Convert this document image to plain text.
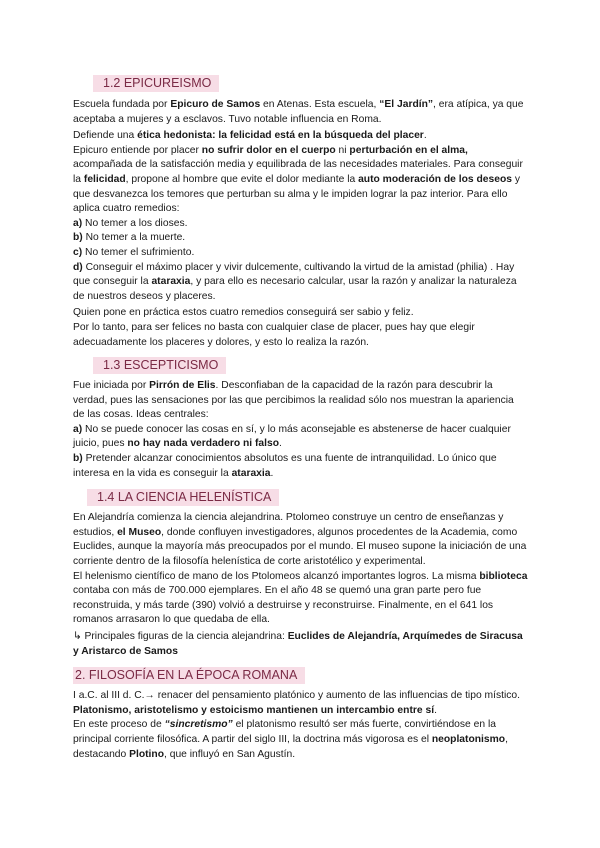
1.2 EPICUREISMO

Escuela fundada por Epicuro de Samos en Atenas. Esta escuela, “El Jardín”, era atípica, ya que aceptaba a mujeres y a esclavos. Tuvo notable influencia en Roma.

Defiende una ética hedonista: la felicidad está en la búsqueda del placer.

Epicuro entiende por placer no sufrir dolor en el cuerpo ni perturbación en el alma, acompañada de la satisfacción media y equilibrada de las necesidades materiales. Para conseguir la felicidad, propone al hombre que evite el dolor mediante la auto moderación de los deseos y que desvanezca los temores que perturban su alma y le impiden lograr la paz interior. Para ello aplica cuatro remedios:

a) No temer a los dioses.

b) No temer a la muerte.

c) No temer el sufrimiento.

d) Conseguir el máximo placer y vivir dulcemente, cultivando la virtud de la amistad (philia) . Hay que conseguir la ataraxia, y para ello es necesario calcular, usar la razón y analizar la naturaleza de nuestros deseos y placeres.

Quien pone en práctica estos cuatro remedios conseguirá ser sabio y feliz.

Por lo tanto, para ser felices no basta con cualquier clase de placer, pues hay que elegir adecuadamente los placeres y dolores, y esto lo realiza la razón.

1.3 ESCEPTICISMO

Fue iniciada por Pirrón de Elis. Desconfiaban de la capacidad de la razón para descubrir la verdad, pues las sensaciones por las que percibimos la realidad sólo nos muestran la apariencia de las cosas. Ideas centrales:

a) No se puede conocer las cosas en sí, y lo más aconsejable es abstenerse de hacer cualquier juicio, pues no hay nada verdadero ni falso.

b) Pretender alcanzar conocimientos absolutos es una fuente de intranquilidad. Lo único que interesa en la vida es conseguir la ataraxia.

1.4 LA CIENCIA HELENÍSTICA

En Alejandría comienza la ciencia alejandrina. Ptolomeo construye un centro de enseñanzas y estudios, el Museo, donde confluyen investigadores, algunos procedentes de la Academia, como Euclides, aunque la mayoría más preocupados por el mundo. El museo supone la iniciación de una corriente dentro de la filosofía helenística de corte aristotélico y experimental.

El helenismo científico de mano de los Ptolomeos alcanzó importantes logros. La misma biblioteca contaba con más de 700.000 ejemplares. En el año 48 se quemó una gran parte pero fue reconstruida, y más tarde (390) volvió a destruirse y reconstruirse. Finalmente, en el 641 los romanos arrasaron lo que quedaba de ella.

↳ Principales figuras de la ciencia alejandrina: Euclides de Alejandría, Arquímedes de Siracusa y Aristarco de Samos

2. FILOSOFÍA EN LA ÉPOCA ROMANA

I a.C. al III d. C.→ renacer del pensamiento platónico y aumento de las influencias de tipo místico. Platonismo, aristotelismo y estoicismo mantienen un intercambio entre sí.

En este proceso de “sincretismo” el platonismo resultó ser más fuerte, convirtiéndose en la principal corriente filosófica. A partir del siglo III, la doctrina más vigorosa es el neoplatonismo, destacando Plotino, que influyó en San Agustín.
